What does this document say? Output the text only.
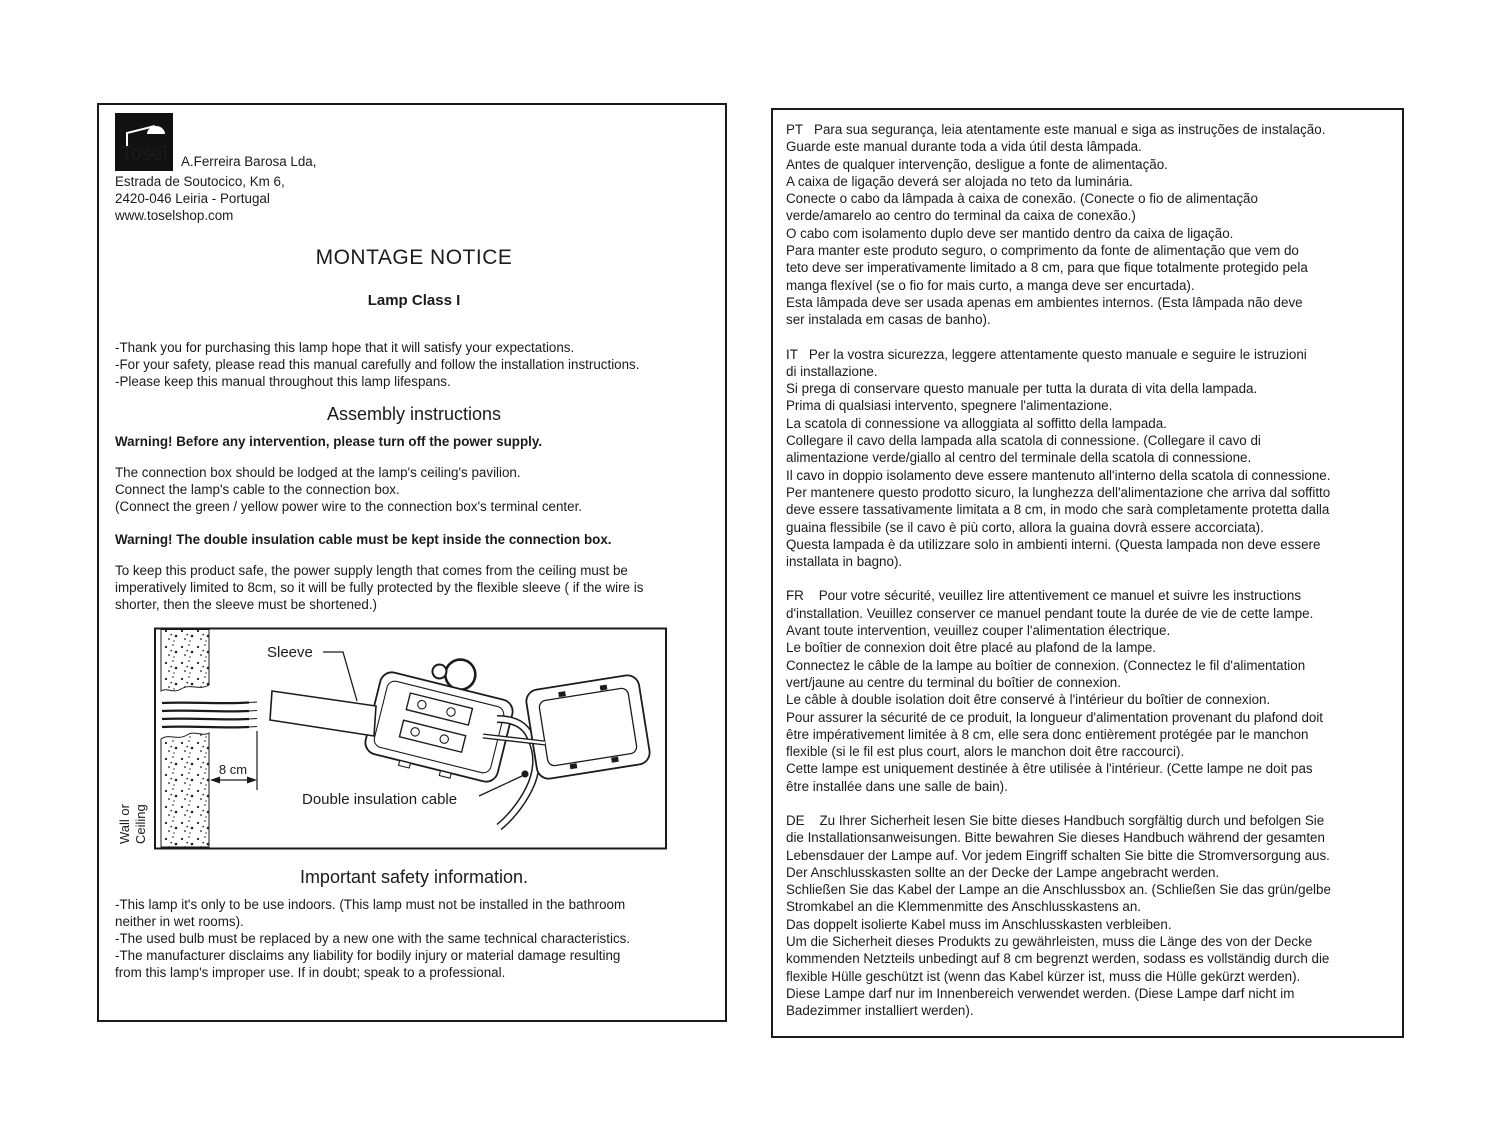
Tosel A.Ferreira Barosa Lda,
Estrada de Soutocico, Km 6,
2420-046 Leiria - Portugal
www.toselshop.com
MONTAGE NOTICE
Lamp Class I
-Thank you for purchasing this lamp hope that it will satisfy your expectations.
-For your safety, please read this manual carefully and follow the installation instructions.
-Please keep this manual throughout this lamp lifespans.
Assembly instructions
Warning! Before any intervention, please turn off the power supply.
The connection box should be lodged at the lamp's ceiling's pavilion.
Connect the lamp's cable to the connection box.
(Connect the green / yellow power wire to the connection box's terminal center.
Warning! The double insulation cable must be kept inside the connection box.
To keep this product safe, the power supply length that comes from the ceiling must be
imperatively limited to 8cm, so it will be fully protected by the flexible sleeve ( if the wire is
shorter, then the sleeve must be shortened.)
Wall or Ceiling
8 cm
Sleeve
Double insulation cable
Important safety information.
-This lamp it's only to be use indoors. (This lamp must not be installed in the bathroom
neither in wet rooms).
-The used bulb must be replaced by a new one with the same technical characteristics.
-The manufacturer disclaims any liability for bodily injury or material damage resulting
from this lamp's improper use. If in doubt; speak to a professional.
PT   Para sua segurança, leia atentamente este manual e siga as instruções de instalação.
Guarde este manual durante toda a vida útil desta lâmpada.
Antes de qualquer intervenção, desligue a fonte de alimentação.
A caixa de ligação deverá ser alojada no teto da luminária.
Conecte o cabo da lâmpada à caixa de conexão. (Conecte o fio de alimentação
verde/amarelo ao centro do terminal da caixa de conexão.)
O cabo com isolamento duplo deve ser mantido dentro da caixa de ligação.
Para manter este produto seguro, o comprimento da fonte de alimentação que vem do
teto deve ser imperativamente limitado a 8 cm, para que fique totalmente protegido pela
manga flexível (se o fio for mais curto, a manga deve ser encurtada).
Esta lâmpada deve ser usada apenas em ambientes internos. (Esta lâmpada não deve
ser instalada em casas de banho).
IT   Per la vostra sicurezza, leggere attentamente questo manuale e seguire le istruzioni
di installazione.
Si prega di conservare questo manuale per tutta la durata di vita della lampada.
Prima di qualsiasi intervento, spegnere l'alimentazione.
La scatola di connessione va alloggiata al soffitto della lampada.
Collegare il cavo della lampada alla scatola di connessione. (Collegare il cavo di
alimentazione verde/giallo al centro del terminale della scatola di connessione.
Il cavo in doppio isolamento deve essere mantenuto all'interno della scatola di connessione.
Per mantenere questo prodotto sicuro, la lunghezza dell'alimentazione che arriva dal soffitto
deve essere tassativamente limitata a 8 cm, in modo che sarà completamente protetta dalla
guaina flessibile (se il cavo è più corto, allora la guaina dovrà essere accorciata).
Questa lampada è da utilizzare solo in ambienti interni. (Questa lampada non deve essere
installata in bagno).
FR    Pour votre sécurité, veuillez lire attentivement ce manuel et suivre les instructions
d'installation. Veuillez conserver ce manuel pendant toute la durée de vie de cette lampe.
Avant toute intervention, veuillez couper l'alimentation électrique.
Le boîtier de connexion doit être placé au plafond de la lampe.
Connectez le câble de la lampe au boîtier de connexion. (Connectez le fil d'alimentation
vert/jaune au centre du terminal du boîtier de connexion.
Le câble à double isolation doit être conservé à l'intérieur du boîtier de connexion.
Pour assurer la sécurité de ce produit, la longueur d'alimentation provenant du plafond doit
être impérativement limitée à 8 cm, elle sera donc entièrement protégée par le manchon
flexible (si le fil est plus court, alors le manchon doit être raccourci).
Cette lampe est uniquement destinée à être utilisée à l'intérieur. (Cette lampe ne doit pas
être installée dans une salle de bain).
DE    Zu Ihrer Sicherheit lesen Sie bitte dieses Handbuch sorgfältig durch und befolgen Sie
die Installationsanweisungen. Bitte bewahren Sie dieses Handbuch während der gesamten
Lebensdauer der Lampe auf. Vor jedem Eingriff schalten Sie bitte die Stromversorgung aus.
Der Anschlusskasten sollte an der Decke der Lampe angebracht werden.
Schließen Sie das Kabel der Lampe an die Anschlussbox an. (Schließen Sie das grün/gelbe
Stromkabel an die Klemmenmitte des Anschlusskastens an.
Das doppelt isolierte Kabel muss im Anschlusskasten verbleiben.
Um die Sicherheit dieses Produkts zu gewährleisten, muss die Länge des von der Decke
kommenden Netzteils unbedingt auf 8 cm begrenzt werden, sodass es vollständig durch die
flexible Hülle geschützt ist (wenn das Kabel kürzer ist, muss die Hülle gekürzt werden).
Diese Lampe darf nur im Innenbereich verwendet werden. (Diese Lampe darf nicht im
Badezimmer installiert werden).
